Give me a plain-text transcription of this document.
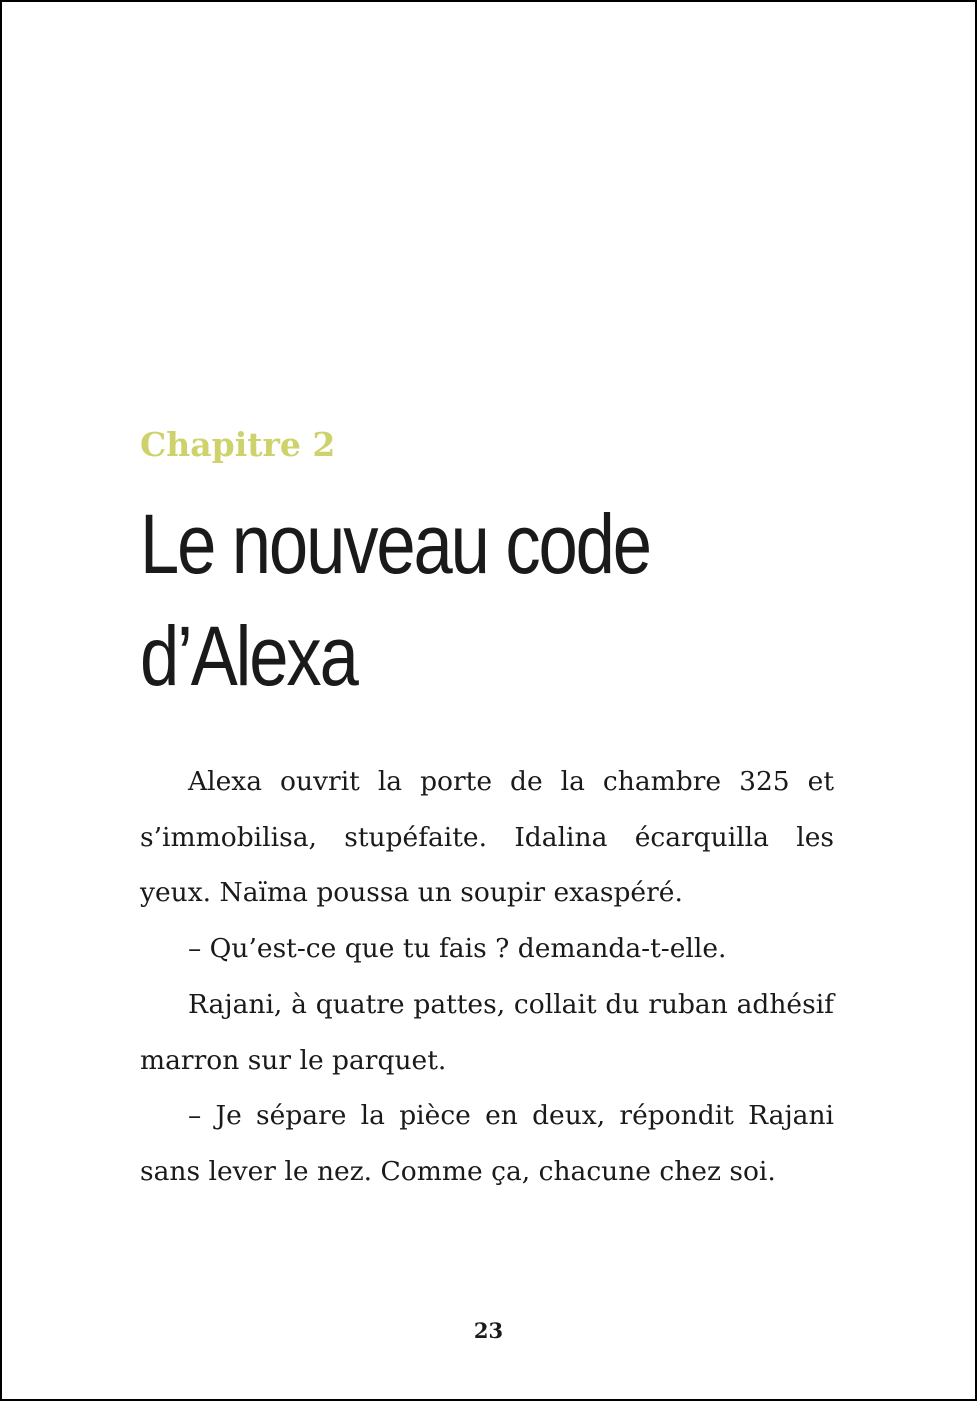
Chapitre 2
Le nouveau code
d’Alexa

Alexa ouvrit la porte de la chambre 325 et s’immobilisa, stupéfaite. Idalina écarquilla les yeux. Naïma poussa un soupir exaspéré.

– Qu’est-ce que tu fais ? demanda-t-elle.

Rajani, à quatre pattes, collait du ruban adhésif marron sur le parquet.

– Je sépare la pièce en deux, répondit Rajani sans lever le nez. Comme ça, chacune chez soi.

23
